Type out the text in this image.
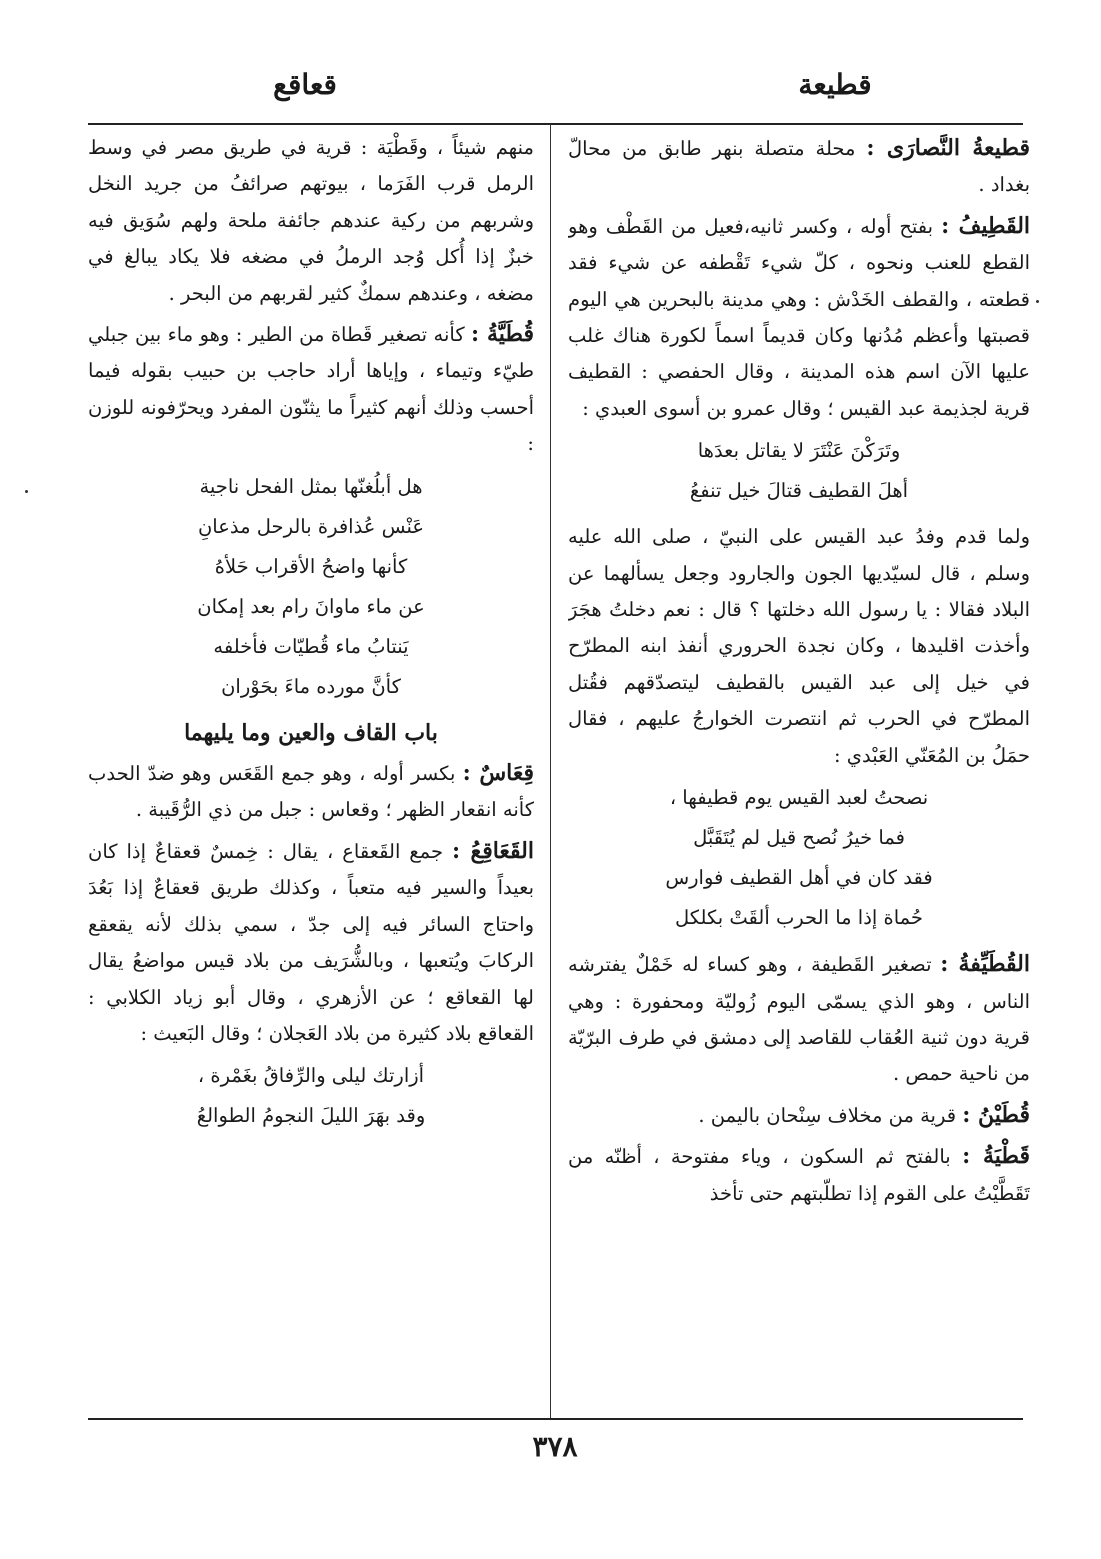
قطيعة
قعاقع

قطيعةُ النَّصارَى : محلة متصلة بنهر طابق من محالّ بغداد .

القَطِيفُ : بفتح أوله ، وكسر ثانيه،فعيل من القَطْف وهو القطع للعنب ونحوه ، كلّ شيء تَقْطفه عن شيء فقد قطعته ، والقطف الخَدْش : وهي مدينة بالبحرين هي اليوم قصبتها وأعظم مُدُنها وكان قديماً اسماً لكورة هناك غلب عليها الآن اسم هذه المدينة ، وقال الحفصي : القطيف قرية لجذيمة عبد القيس ؛ وقال عمرو بن أسوى العبدي :

وتَرَكْنَ عَنْتَرَ لا يقاتل بعدَها
أهلَ القطيف قتالَ خيل تنفعُ

ولما قدم وفدُ عبد القيس على النبيّ ، صلى الله عليه وسلم ، قال لسيّديها الجون والجارود وجعل يسألهما عن البلاد فقالا : يا رسول الله دخلتها ؟ قال : نعم دخلتُ هجَرَ وأخذت اقليدها ، وكان نجدة الحروري أنفذ ابنه المطرّح في خيل إلى عبد القيس بالقطيف ليتصدّقهم فقُتل المطرّح في الحرب ثم انتصرت الخوارجُ عليهم ، فقال حمَلُ بن المُعَنّي العَبْدي :

نصحتُ لعبد القيس يوم قطيفها ،
فما خيرُ نُصح قيل لم يُتَقَبَّل
فقد كان في أهل القطيف فوارس
حُماة إذا ما الحرب ألقَتْ بكلكل

القُطَيِّفةُ : تصغير القَطيفة ، وهو كساء له خَمْلٌ يفترشه الناس ، وهو الذي يسمّى اليوم زُوليّة ومحفورة : وهي قرية دون ثنية العُقاب للقاصد إلى دمشق في طرف البرّيّة من ناحية حمص .

قُطَيْنُ : قرية من مخلاف سِنْحان باليمن .

قَطْيَةُ : بالفتح ثم السكون ، وياء مفتوحة ، أظنّه من تَقَطَّيْتُ على القوم إذا تطلّبتهم حتى تأخذ

منهم شيئاً ، وقَطْيَة : قرية في طريق مصر في وسط الرمل قرب الفَرَما ، بيوتهم صرائفُ من جريد النخل وشربهم من ركية عندهم جائفة ملحة ولهم سُوَيق فيه خبزٌ إذا أُكل وُجد الرملُ في مضغه فلا يكاد يبالغ في مضغه ، وعندهم سمكٌ كثير لقربهم من البحر .

قُطَيَّةُ : كأنه تصغير قَطاة من الطير : وهو ماء بين جبلي طيّء وتيماء ، وإياها أراد حاجب بن حبيب بقوله فيما أحسب وذلك أنهم كثيراً ما يثنّون المفرد ويحرّفونه للوزن :

هل أبلُغنّها بمثل الفحل ناجية
عَنْس عُذافرة بالرحل مذعانِ
كأنها واضحُ الأقراب حَلأهُ
عن ماء ماوانَ رام بعد إمكان
يَنتابُ ماء قُطيّات فأخلفه
كأنَّ مورده ماءَ بحَوْران
باب القاف والعين وما يليهما

قِعَاسٌ : بكسر أوله ، وهو جمع القَعَس وهو ضدّ الحدب كأنه انقعار الظهر ؛ وقعاس : جبل من ذي الرُّقَيبة .

القَعَاقِعُ : جمع القَعقاع ، يقال : خِمسٌ قعقاعٌ إذا كان بعيداً والسير فيه متعباً ، وكذلك طريق قعقاعٌ إذا بَعُدَ واحتاج السائر فيه إلى جدّ ، سمي بذلك لأنه يقعقع الركابَ ويُتعبها ، وبالشُّرَيف من بلاد قيس مواضعُ يقال لها القعاقع ؛ عن الأزهري ، وقال أبو زياد الكلابي : القعاقع بلاد كثيرة من بلاد العَجلان ؛ وقال البَعيث :

أزارتك ليلى والرِّفاقُ بغَمْرة ،
وقد بهَرَ الليلَ النجومُ الطوالعُ
٣٧٨
